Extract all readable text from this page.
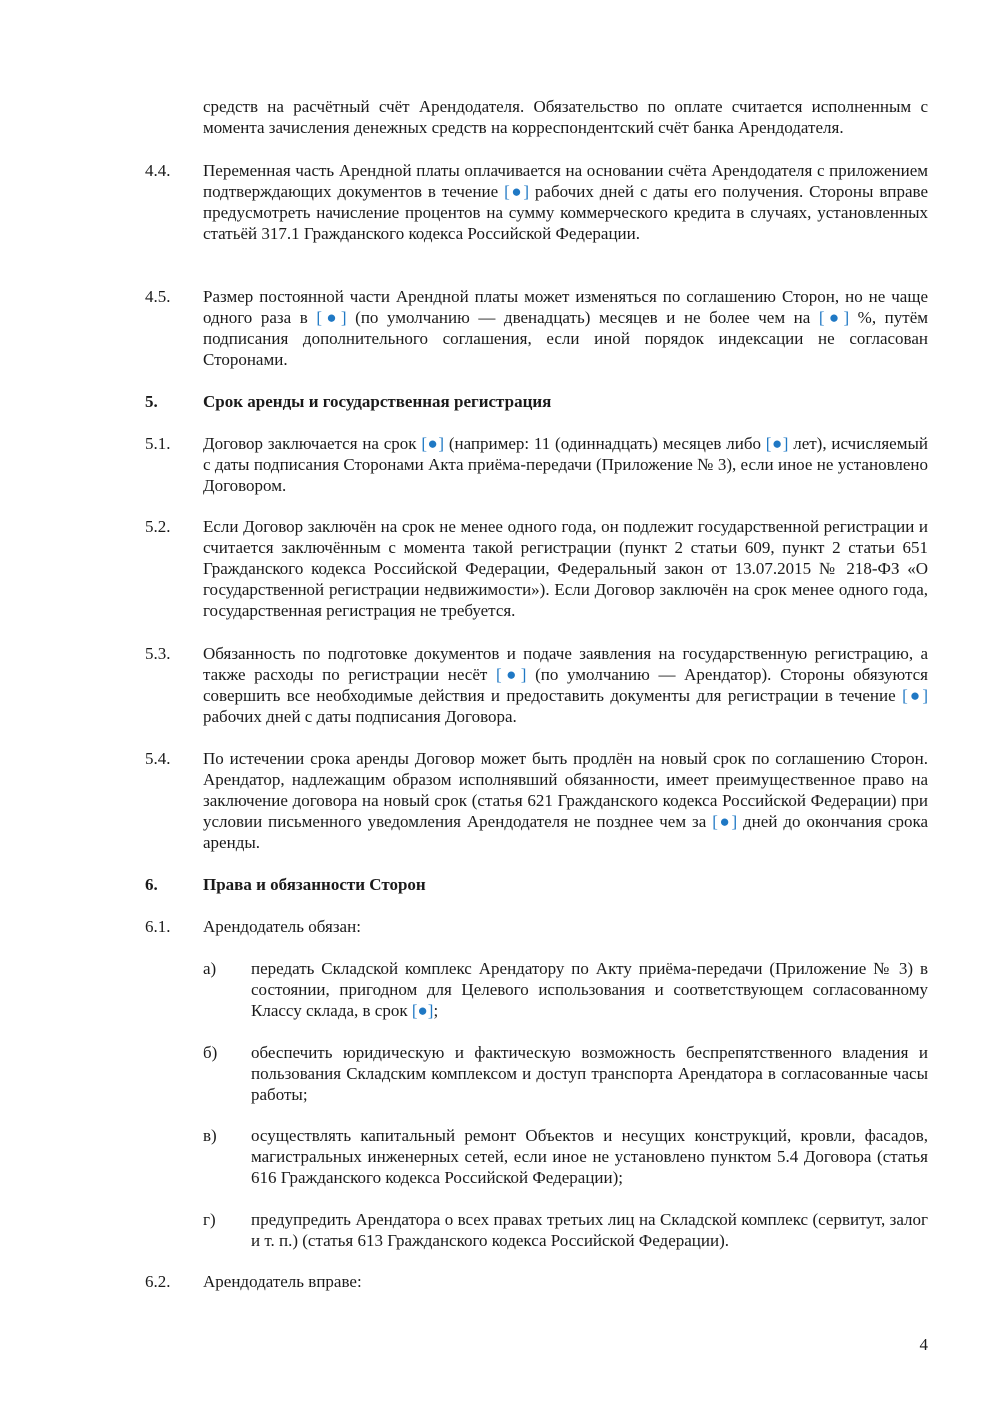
средств на расчётный счёт Арендодателя. Обязательство по оплате считается исполненным с момента зачисления денежных средств на корреспондентский счёт банка Арендодателя.
4.4.	Переменная часть Арендной платы оплачивается на основании счёта Арендодателя с приложением подтверждающих документов в течение [●] рабочих дней с даты его получения. Стороны вправе предусмотреть начисление процентов на сумму коммерческого кредита в случаях, установленных статьёй 317.1 Гражданского кодекса Российской Федерации.
4.5.	Размер постоянной части Арендной платы может изменяться по соглашению Сторон, но не чаще одного раза в [●] (по умолчанию — двенадцать) месяцев и не более чем на [●] %, путём подписания дополнительного соглашения, если иной порядок индексации не согласован Сторонами.
5.	Срок аренды и государственная регистрация
5.1.	Договор заключается на срок [●] (например: 11 (одиннадцать) месяцев либо [●] лет), исчисляемый с даты подписания Сторонами Акта приёма-передачи (Приложение № 3), если иное не установлено Договором.
5.2.	Если Договор заключён на срок не менее одного года, он подлежит государственной регистрации и считается заключённым с момента такой регистрации (пункт 2 статьи 609, пункт 2 статьи 651 Гражданского кодекса Российской Федерации, Федеральный закон от 13.07.2015 № 218-ФЗ «О государственной регистрации недвижимости»). Если Договор заключён на срок менее одного года, государственная регистрация не требуется.
5.3.	Обязанность по подготовке документов и подаче заявления на государственную регистрацию, а также расходы по регистрации несёт [●] (по умолчанию — Арендатор). Стороны обязуются совершить все необходимые действия и предоставить документы для регистрации в течение [●] рабочих дней с даты подписания Договора.
5.4.	По истечении срока аренды Договор может быть продлён на новый срок по соглашению Сторон. Арендатор, надлежащим образом исполнявший обязанности, имеет преимущественное право на заключение договора на новый срок (статья 621 Гражданского кодекса Российской Федерации) при условии письменного уведомления Арендодателя не позднее чем за [●] дней до окончания срока аренды.
6.	Права и обязанности Сторон
6.1.	Арендодатель обязан:
а)	передать Складской комплекс Арендатору по Акту приёма-передачи (Приложение № 3) в состоянии, пригодном для Целевого использования и соответствующем согласованному Классу склада, в срок [●];
б)	обеспечить юридическую и фактическую возможность беспрепятственного владения и пользования Складским комплексом и доступ транспорта Арендатора в согласованные часы работы;
в)	осуществлять капитальный ремонт Объектов и несущих конструкций, кровли, фасадов, магистральных инженерных сетей, если иное не установлено пунктом 5.4 Договора (статья 616 Гражданского кодекса Российской Федерации);
г)	предупредить Арендатора о всех правах третьих лиц на Складской комплекс (сервитут, залог и т. п.) (статья 613 Гражданского кодекса Российской Федерации).
6.2.	Арендодатель вправе:
4
